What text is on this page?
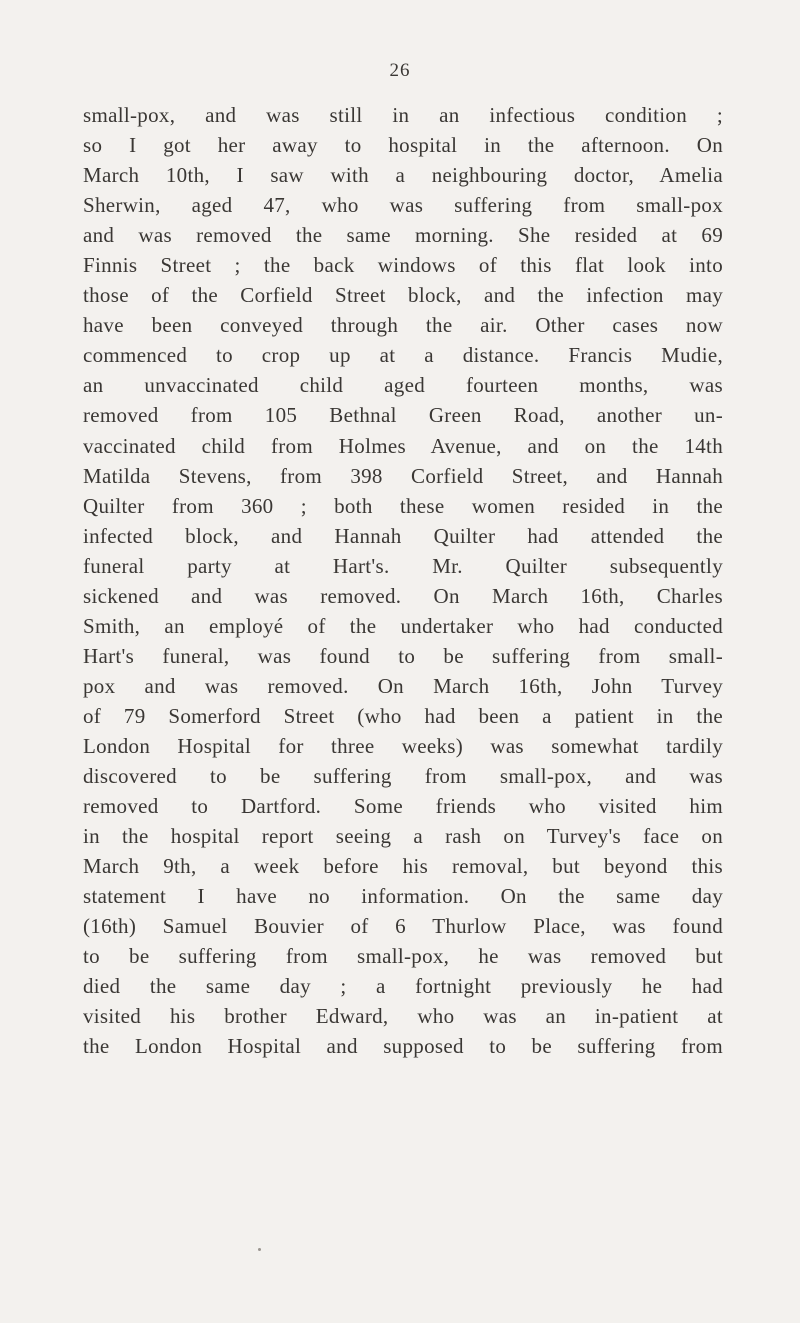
26
small-pox, and was still in an infectious condition ;
so I got her away to hospital in the afternoon. On
March 10th, I saw with a neighbouring doctor, Amelia
Sherwin, aged 47, who was suffering from small-pox
and was removed the same morning. She resided at 69
Finnis Street ; the back windows of this flat look into
those of the Corfield Street block, and the infection may
have been conveyed through the air. Other cases now
commenced to crop up at a distance. Francis Mudie,
an unvaccinated child aged fourteen months, was
removed from 105 Bethnal Green Road, another un-
vaccinated child from Holmes Avenue, and on the 14th
Matilda Stevens, from 398 Corfield Street, and Hannah
Quilter from 360 ; both these women resided in the
infected block, and Hannah Quilter had attended the
funeral party at Hart's. Mr. Quilter subsequently
sickened and was removed. On March 16th, Charles
Smith, an employé of the undertaker who had conducted
Hart's funeral, was found to be suffering from small-
pox and was removed. On March 16th, John Turvey
of 79 Somerford Street (who had been a patient in the
London Hospital for three weeks) was somewhat tardily
discovered to be suffering from small-pox, and was
removed to Dartford. Some friends who visited him
in the hospital report seeing a rash on Turvey's face on
March 9th, a week before his removal, but beyond this
statement I have no information. On the same day
(16th) Samuel Bouvier of 6 Thurlow Place, was found
to be suffering from small-pox, he was removed but
died the same day ; a fortnight previously he had
visited his brother Edward, who was an in-patient at
the London Hospital and supposed to be suffering from
